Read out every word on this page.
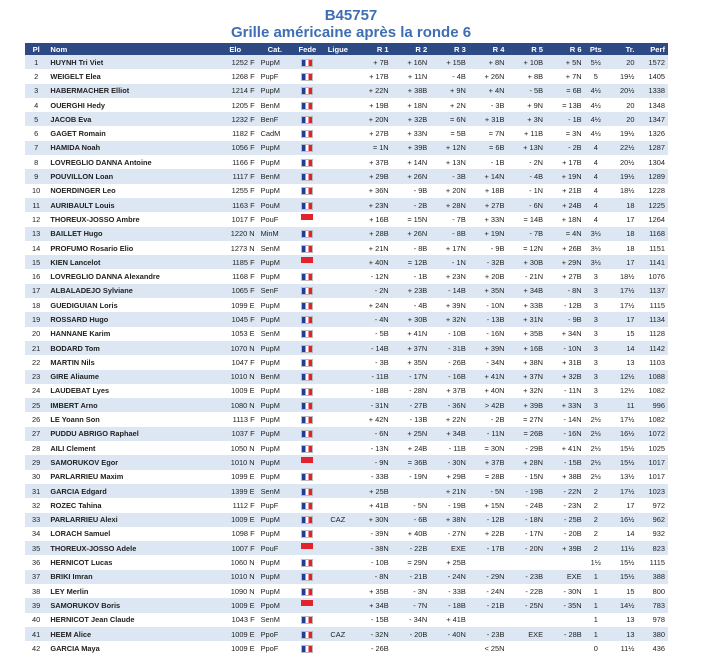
B45757
Grille américaine après la ronde 6
Pl	Nom	Elo	Cat.	Fede	Ligue	R 1	R 2	R 3	R 4	R 5	R 6	Pts	Tr.	Perf
1	HUYNH Tri Viet	1252 F	PupM			+ 7B	+ 16N	+ 15B	+ 8N	+ 10B	+ 5N	5½	20	1572
2	WEIGELT Elea	1268 F	PupF			+ 17B	+ 11N	- 4B	+ 26N	+ 8B	+ 7N	5	19½	1405
3	HABERMACHER Elliot	1214 F	PupM			+ 22N	+ 38B	+ 9N	+ 4N	- 5B	= 6B	4½	20½	1338
4	OUERGHI Hedy	1205 F	BenM			+ 19B	+ 18N	+ 2N	- 3B	+ 9N	= 13B	4½	20	1348
5	JACOB Eva	1232 F	BenF			+ 20N	+ 32B	= 6N	+ 31B	+ 3N	- 1B	4½	20	1347
6	GAGET Romain	1182 F	CadM			+ 27B	+ 33N	= 5B	= 7N	+ 11B	= 3N	4½	19½	1326
7	HAMIDA Noah	1056 F	PupM			= 1N	+ 39B	+ 12N	= 6B	+ 13N	- 2B	4	22½	1287
8	LOVREGLIO DANNA Antoine	1166 F	PupM			+ 37B	+ 14N	+ 13N	- 1B	- 2N	+ 17B	4	20½	1304
9	POUVILLON Loan	1117 F	BenM			+ 29B	+ 26N	- 3B	+ 14N	- 4B	+ 19N	4	19½	1289
10	NOERDINGER Leo	1255 F	PupM			+ 36N	- 9B	+ 20N	+ 18B	- 1N	+ 21B	4	18½	1228
11	AURIBAULT Louis	1163 F	PouM			+ 23N	- 2B	+ 28N	+ 27B	- 6N	+ 24B	4	18	1225
12	THOREUX-JOSSO Ambre	1017 F	PouF			+ 16B	= 15N	- 7B	+ 33N	= 14B	+ 18N	4	17	1264
13	BAILLET Hugo	1220 N	MinM			+ 28B	+ 26N	- 8B	+ 19N	- 7B	= 4N	3½	18	1168
14	PROFUMO Rosario Elio	1273 N	SenM			+ 21N	- 8B	+ 17N	- 9B	= 12N	+ 26B	3½	18	1151
15	KIEN Lancelot	1185 F	PupM			+ 40N	= 12B	- 1N	- 32B	+ 30B	+ 29N	3½	17	1141
16	LOVREGLIO DANNA Alexandre	1168 F	PupM			- 12N	- 1B	+ 23N	+ 20B	- 21N	+ 27B	3	18½	1076
17	ALBALADEJO Sylviane	1065 F	SenF			- 2N	+ 23B	- 14B	+ 35N	+ 34B	- 8N	3	17½	1137
18	GUEDIGUIAN Loris	1099 E	PupM			+ 24N	- 4B	+ 39N	- 10N	+ 33B	- 12B	3	17½	1115
19	ROSSARD Hugo	1045 F	PupM			- 4N	+ 30B	+ 32N	- 13B	+ 31N	- 9B	3	17	1134
20	HANNANE Karim	1053 E	SenM			- 5B	+ 41N	- 10B	- 16N	+ 35B	+ 34N	3	15	1128
21	BODARD Tom	1070 N	PupM			- 14B	+ 37N	- 31B	+ 39N	+ 16B	- 10N	3	14	1142
22	MARTIN Nils	1047 F	PupM			- 3B	+ 35N	- 26B	- 34N	+ 38N	+ 31B	3	13	1103
23	GIRE Aliaume	1010 N	BenM			- 11B	- 17N	- 16B	+ 41N	+ 37N	+ 32B	3	12½	1088
24	LAUDEBAT Lyes	1009 E	PupM			- 18B	- 28N	+ 37B	+ 40N	+ 32N	- 11N	3	12½	1082
25	IMBERT Arno	1080 N	PupM			- 31N	- 27B	- 36N	> 42B	+ 39B	+ 33N	3	11	996
26	LE Yoann Son	1113 F	PupM			+ 42N	- 13B	+ 22N	- 2B	= 27N	- 14N	2½	17½	1082
27	PUDDU ABRIGO Raphael	1037 F	PupM			- 6N	+ 25N	+ 34B	- 11N	= 26B	- 16N	2½	16½	1072
28	AILI Clement	1050 N	PupM			- 13N	+ 24B	- 11B	= 30N	- 29B	+ 41N	2½	15½	1025
29	SAMORUKOV Egor	1010 N	PupM			- 9N	= 36B	- 30N	+ 37B	+ 28N	- 15B	2½	15½	1017
30	PARLARRIEU Maxim	1099 E	PupM			- 33B	- 19N	+ 29B	= 28B	- 15N	+ 38B	2½	13½	1017
31	GARCIA Edgard	1399 E	SenM			+ 25B		+ 21N	- 5N	- 19B	- 22N	2	17½	1023
32	ROZEC Tahina	1112 F	PupF			+ 41B	- 5N	- 19B	+ 15N	- 24B	- 23N	2	17	972
33	PARLARRIEU Alexi	1009 E	PupM		CAZ	+ 30N	- 6B	+ 38N	- 12B	- 18N	- 25B	2	16½	962
34	LORACH Samuel	1098 F	PupM			- 39N	+ 40B	- 27N	+ 22B	- 17N	- 20B	2	14	932
35	THOREUX-JOSSO Adele	1007 F	PouF			- 38N	- 22B	EXE	- 17B	- 20N	+ 39B	2	11½	823
36	HERNICOT Lucas	1060 N	PupM			- 10B	= 29N	+ 25B				1½	15½	1115
37	BRIKI Imran	1010 N	PupM			- 8N	- 21B	- 24N	- 29N	- 23B	EXE	1	15½	388
38	LEY Merlin	1090 N	PupM			+ 35B	- 3N	- 33B	- 24N	- 22B	- 30N	1	15	800
39	SAMORUKOV Boris	1009 E	PpoM			+ 34B	- 7N	- 18B	- 21B	- 25N	- 35N	1	14½	783
40	HERNICOT Jean Claude	1043 F	SenM			- 15B	- 34N	+ 41B				1	13	978
41	HEEM Alice	1009 E	PpoF		CAZ	- 32N	- 20B	- 40N	- 23B	EXE	- 28B	1	13	380
42	GARCIA Maya	1009 E	PpoF			- 26B			< 25N			0	11½	436
